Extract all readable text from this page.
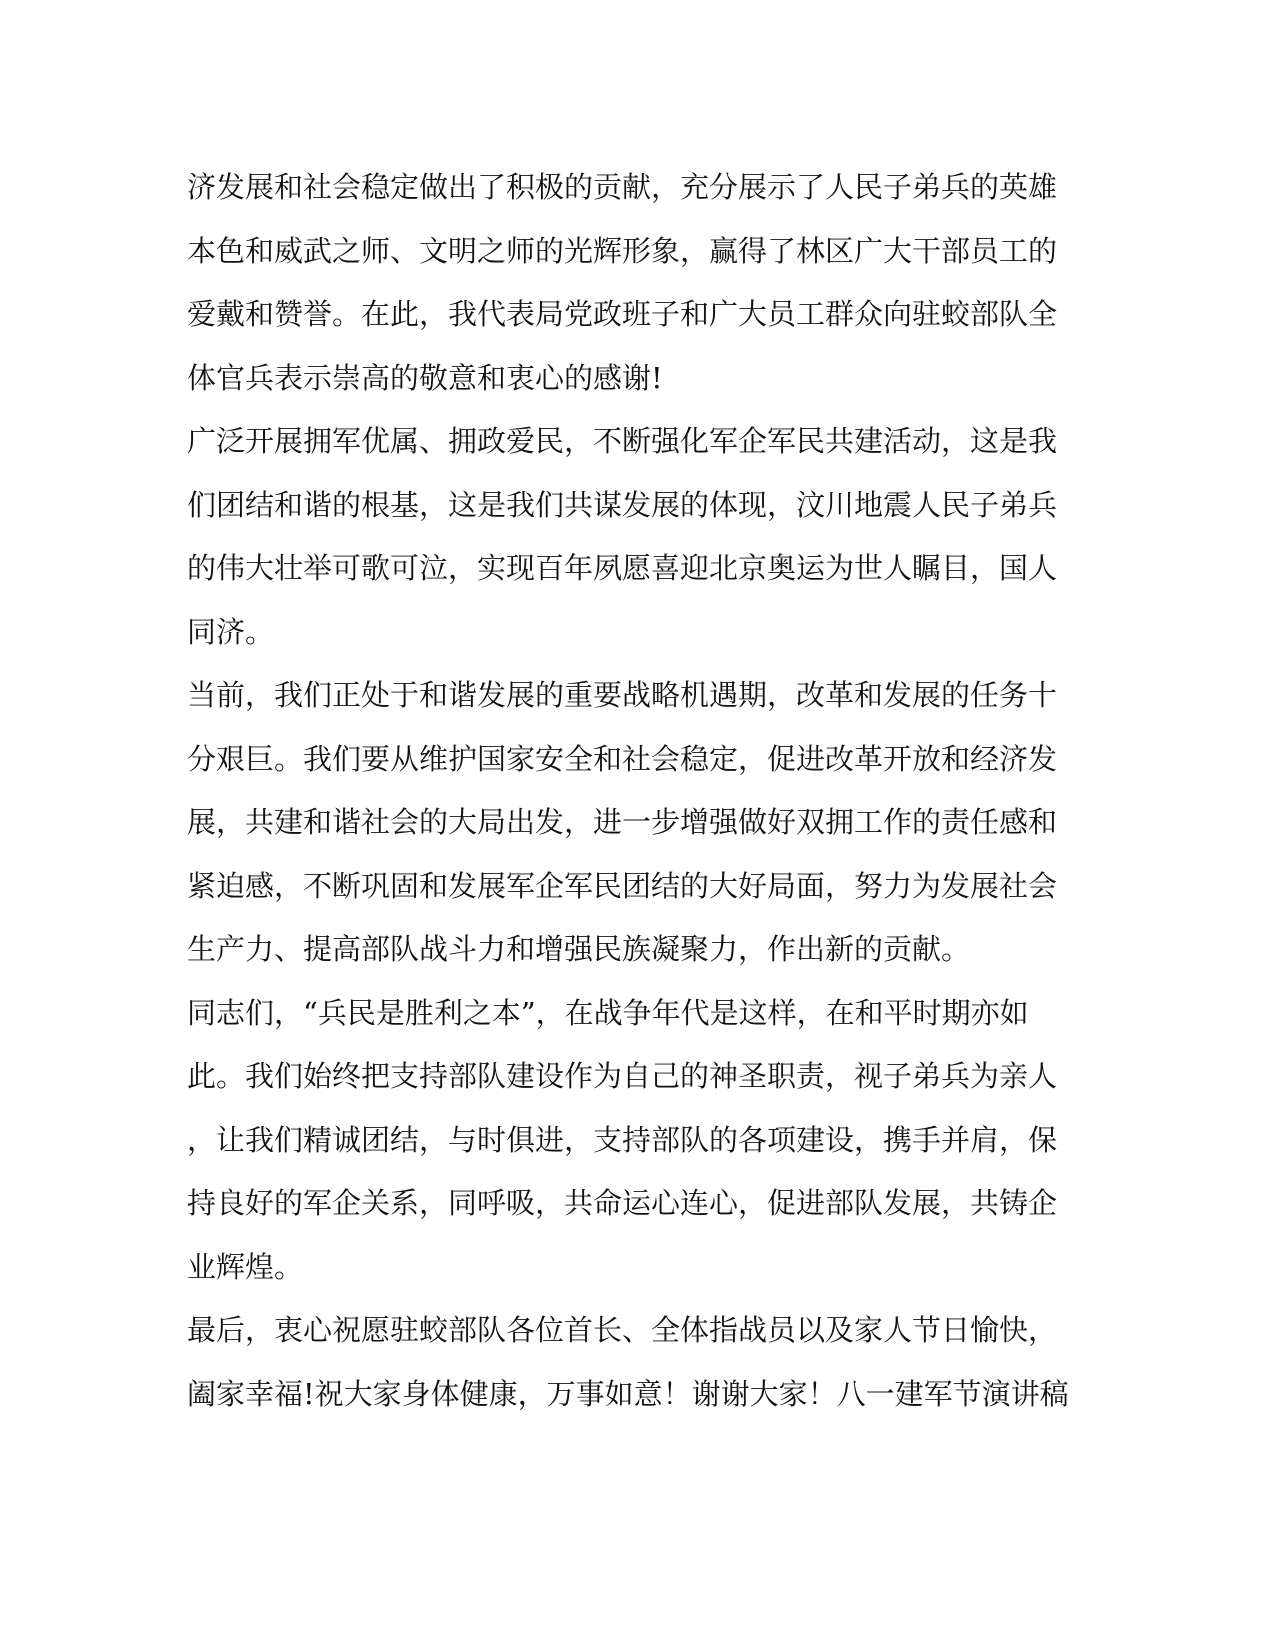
济发展和社会稳定做出了积极的贡献，充分展示了人民子弟兵的英雄
本色和威武之师、文明之师的光辉形象，赢得了林区广大干部员工的
爱戴和赞誉。在此，我代表局党政班子和广大员工群众向驻蛟部队全
体官兵表示崇高的敬意和衷心的感谢!
广泛开展拥军优属、拥政爱民，不断强化军企军民共建活动，这是我
们团结和谐的根基，这是我们共谋发展的体现，汶川地震人民子弟兵
的伟大壮举可歌可泣，实现百年夙愿喜迎北京奥运为世人瞩目，国人
同济。
当前，我们正处于和谐发展的重要战略机遇期，改革和发展的任务十
分艰巨。我们要从维护国家安全和社会稳定，促进改革开放和经济发
展，共建和谐社会的大局出发，进一步增强做好双拥工作的责任感和
紧迫感，不断巩固和发展军企军民团结的大好局面，努力为发展社会
生产力、提高部队战斗力和增强民族凝聚力，作出新的贡献。
同志们，“兵民是胜利之本”，在战争年代是这样，在和平时期亦如
此。我们始终把支持部队建设作为自己的神圣职责，视子弟兵为亲人
，让我们精诚团结，与时俱进，支持部队的各项建设，携手并肩，保
持良好的军企关系，同呼吸，共命运心连心，促进部队发展，共铸企
业辉煌。
最后，衷心祝愿驻蛟部队各位首长、全体指战员以及家人节日愉快，
阖家幸福!祝大家身体健康，万事如意！谢谢大家！八一建军节演讲稿
